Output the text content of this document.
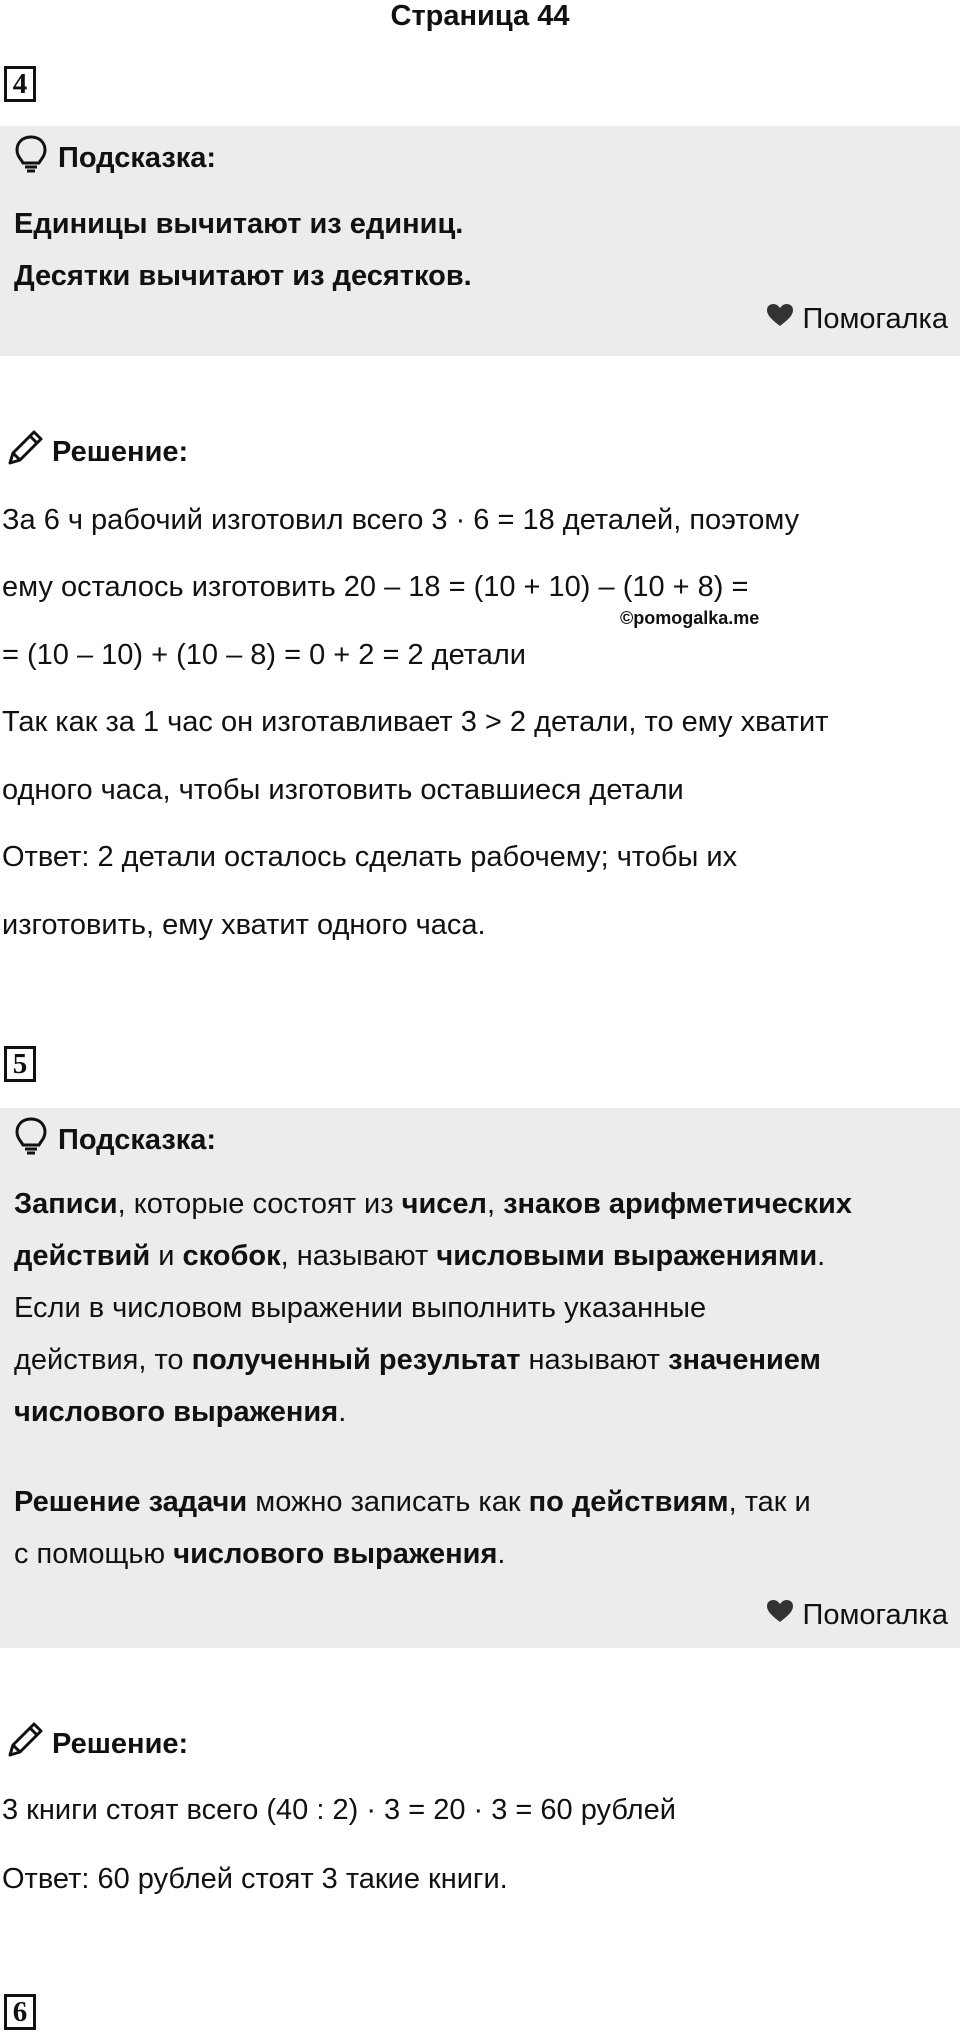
Страница 44
4
Подсказка:
Единицы вычитают из единиц.
Десятки вычитают из десятков.
Помогалка
Решение:
За 6 ч рабочий изготовил всего 3 · 6 = 18 деталей, поэтому
ему осталось изготовить 20 – 18 = (10 + 10) – (10 + 8) =
©pomogalka.me
= (10 – 10) + (10 – 8) = 0 + 2 = 2 детали
Так как за 1 час он изготавливает 3 > 2 детали, то ему хватит
одного часа, чтобы изготовить оставшиеся детали
Ответ: 2 детали осталось сделать рабочему; чтобы их
изготовить, ему хватит одного часа.
5
Подсказка:
Записи, которые состоят из чисел, знаков арифметических
действий и скобок, называют числовыми выражениями.
Если в числовом выражении выполнить указанные
действия, то полученный результат называют значением
числового выражения.
Решение задачи можно записать как по действиям, так и
с помощью числового выражения.
Помогалка
Решение:
3 книги стоят всего (40 : 2) · 3 = 20 · 3 = 60 рублей
Ответ: 60 рублей стоят 3 такие книги.
6
